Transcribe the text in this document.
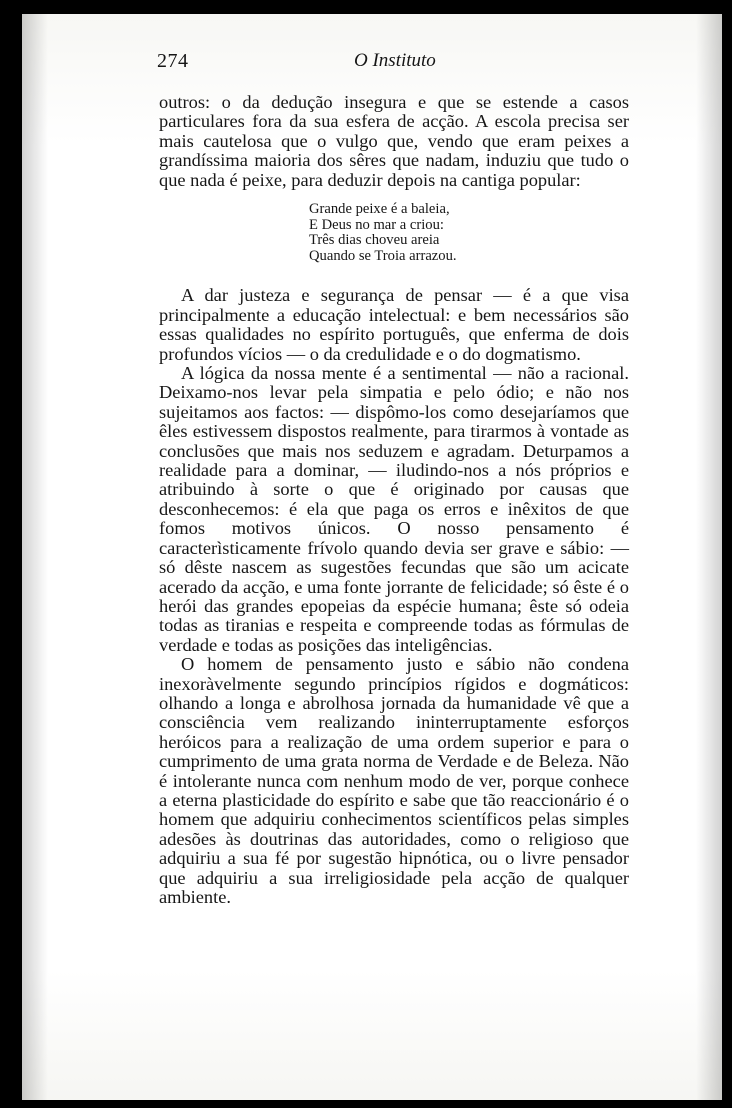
274	O Instituto

outros: o da dedução insegura e que se estende a casos particulares fora da sua esfera de acção. A escola precisa ser mais cautelosa que o vulgo que, vendo que eram peixes a grandíssima maioria dos sêres que nadam, induziu que tudo o que nada é peixe, para deduzir depois na cantiga popular:

Grande peixe é a baleia,
E Deus no mar a criou:
Três dias choveu areia
Quando se Troia arrazou.

A dar justeza e segurança de pensar — é a que visa principalmente a educação intelectual: e bem necessários são essas qualidades no espírito português, que enferma de dois profundos vícios — o da credulidade e o do dogmatismo.

A lógica da nossa mente é a sentimental — não a racional. Deixamo-nos levar pela simpatia e pelo ódio; e não nos sujeitamos aos factos: — dispômo-los como desejaríamos que êles estivessem dispostos realmente, para tirarmos à vontade as conclusões que mais nos seduzem e agradam. Deturpamos a realidade para a dominar, — iludindo-nos a nós próprios e atribuindo à sorte o que é originado por causas que desconhecemos: é ela que paga os erros e inêxitos de que fomos motivos únicos. O nosso pensamento é caracterìsticamente frívolo quando devia ser grave e sábio: — só dêste nascem as sugestões fecundas que são um acicate acerado da acção, e uma fonte jorrante de felicidade; só êste é o herói das grandes epopeias da espécie humana; êste só odeia todas as tiranias e respeita e compreende todas as fórmulas de verdade e todas as posições das inteligências.

O homem de pensamento justo e sábio não condena inexoràvelmente segundo princípios rígidos e dogmáticos: olhando a longa e abrolhosa jornada da humanidade vê que a consciência vem realizando ininterruptamente esforços heróicos para a realização de uma ordem superior e para o cumprimento de uma grata norma de Verdade e de Beleza. Não é intolerante nunca com nenhum modo de ver, porque conhece a eterna plasticidade do espírito e sabe que tão reaccionário é o homem que adquiriu conhecimentos scientíficos pelas simples adesões às doutrinas das autoridades, como o religioso que adquiriu a sua fé por sugestão hipnótica, ou o livre pensador que adquiriu a sua irreligiosidade pela acção de qualquer ambiente.
